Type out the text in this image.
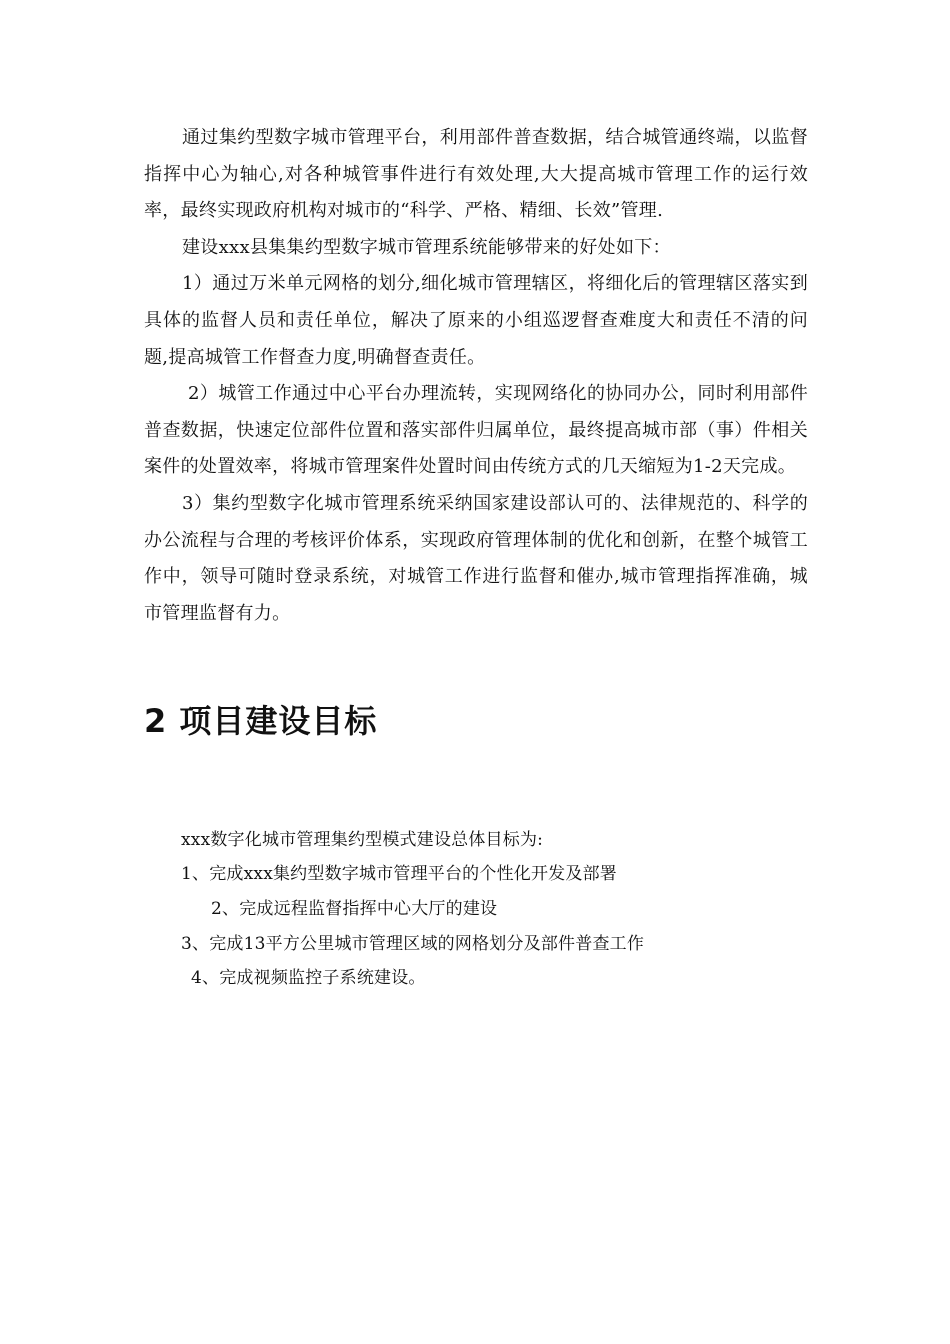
通过集约型数字城市管理平台，利用部件普查数据，结合城管通终端，以监督指挥中心为轴心,对各种城管事件进行有效处理,大大提高城市管理工作的运行效率，最终实现政府机构对城市的“科学、严格、精细、长效”管理.

建设xxx县集集约型数字城市管理系统能够带来的好处如下：

1）通过万米单元网格的划分,细化城市管理辖区，将细化后的管理辖区落实到具体的监督人员和责任单位，解决了原来的小组巡逻督查难度大和责任不清的问题,提高城管工作督查力度,明确督查责任。

2）城管工作通过中心平台办理流转，实现网络化的协同办公，同时利用部件普查数据，快速定位部件位置和落实部件归属单位，最终提高城市部（事）件相关案件的处置效率，将城市管理案件处置时间由传统方式的几天缩短为1-2天完成。

3）集约型数字化城市管理系统采纳国家建设部认可的、法律规范的、科学的办公流程与合理的考核评价体系，实现政府管理体制的优化和创新，在整个城管工作中，领导可随时登录系统，对城管工作进行监督和催办,城市管理指挥准确，城市管理监督有力。

2 项目建设目标

xxx数字化城市管理集约型模式建设总体目标为:

1、完成xxx集约型数字城市管理平台的个性化开发及部署

2、完成远程监督指挥中心大厅的建设

3、完成13平方公里城市管理区域的网格划分及部件普查工作

4、完成视频监控子系统建设。
